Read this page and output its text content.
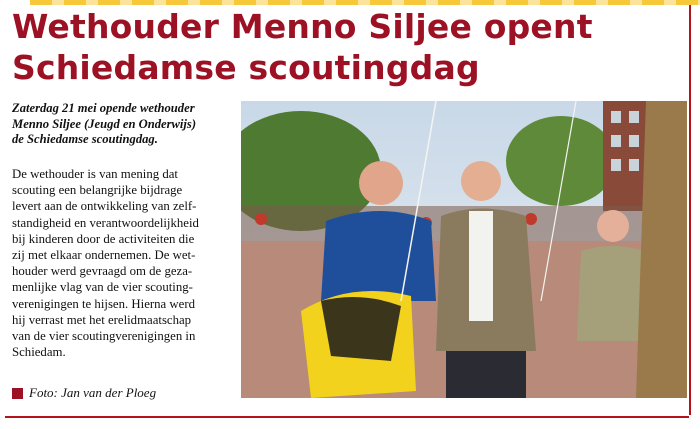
Wethouder Menno Siljee opent
Schiedamse scoutingdag

Zaterdag 21 mei opende wethouder
Menno Siljee (Jeugd en Onderwijs)
de Schiedamse scoutingdag.

De wethouder is van mening dat
scouting een belangrijke bijdrage
levert aan de ontwikkeling van zelf-
standigheid en verantwoordelijkheid
bij kinderen door de activiteiten die
zij met elkaar ondernemen. De wet-
houder werd gevraagd om de geza-
menlijke vlag van de vier scouting-
verenigingen te hijsen. Hierna werd
hij verrast met het erelidmaatschap
van de vier scoutingverenigingen in
Schiedam.

Foto: Jan van der Ploeg
